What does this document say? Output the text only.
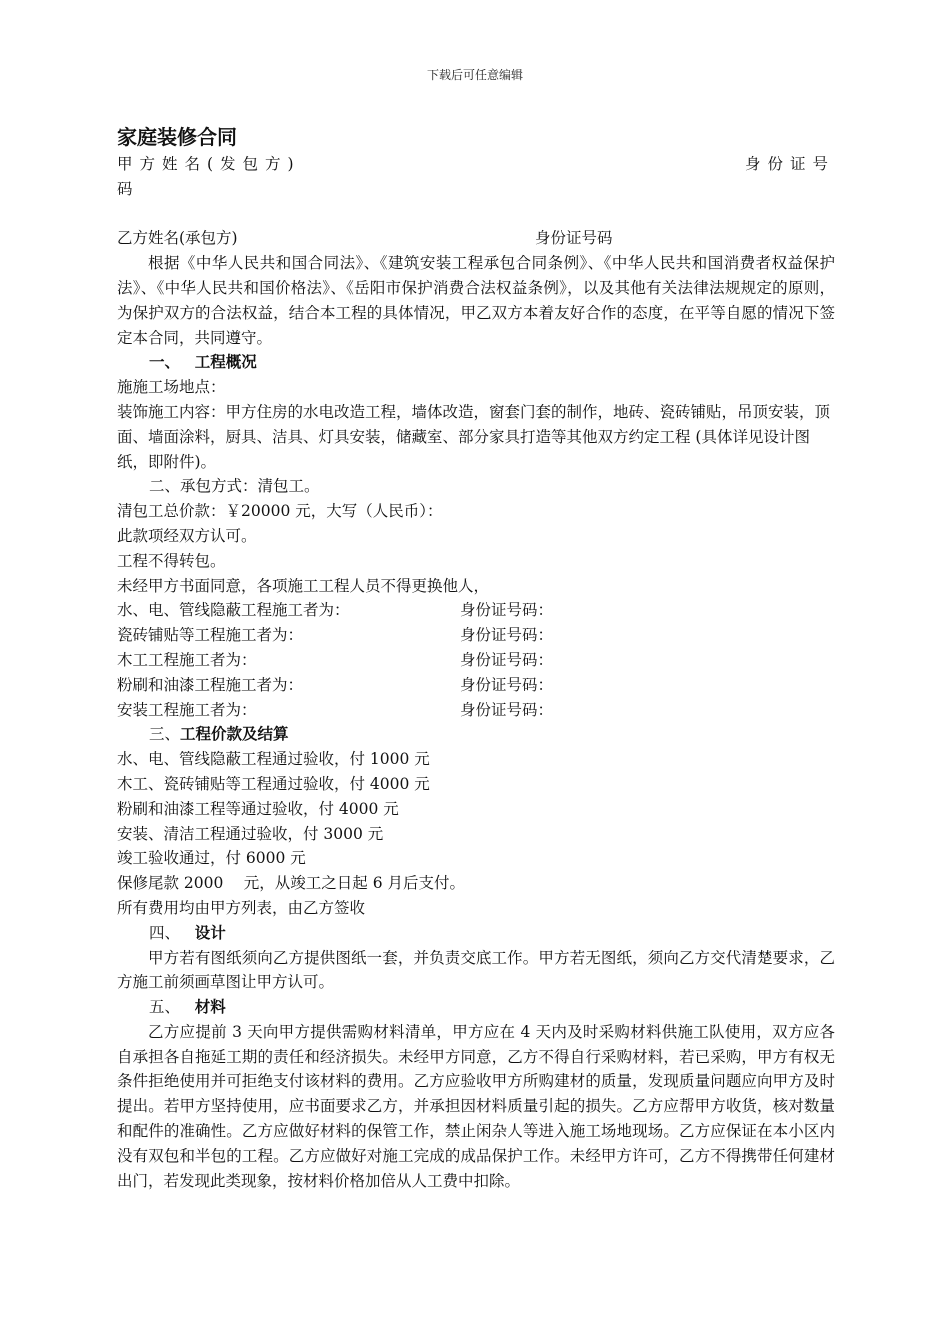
下载后可任意编辑

家庭装修合同

甲方姓名(发包方)	身份证号

码

乙方姓名(承包方)	身份证号码

根据《中华人民共和国合同法》、《建筑安装工程承包合同条例》、《中华人民共和国消费者权益保护法》、《中华人民共和国价格法》、《岳阳市保护消费合法权益条例》，以及其他有关法律法规规定的原则，为保护双方的合法权益，结合本工程的具体情况，甲乙双方本着友好合作的态度，在平等自愿的情况下签定本合同，共同遵守。

一、 工程概况

施施工场地点：

装饰施工内容：甲方住房的水电改造工程，墙体改造，窗套门套的制作，地砖、瓷砖铺贴，吊顶安装，顶面、墙面涂料，厨具、洁具、灯具安装，储藏室、部分家具打造等其他双方约定工程 (具体详见设计图纸，即附件)。

二、承包方式：清包工。

清包工总价款：￥20000 元，大写（人民币）：

此款项经双方认可。

工程不得转包。

未经甲方书面同意，各项施工工程人员不得更换他人，

水、电、管线隐蔽工程施工者为：	身份证号码：
瓷砖铺贴等工程施工者为：	身份证号码：
木工工程施工者为：	身份证号码：
粉刷和油漆工程施工者为：	身份证号码：
安装工程施工者为：	身份证号码：

三、工程价款及结算

水、电、管线隐蔽工程通过验收，付 1000 元

木工、瓷砖铺贴等工程通过验收，付 4000 元

粉刷和油漆工程等通过验收，付 4000 元

安装、清洁工程通过验收，付 3000 元

竣工验收通过，付 6000 元

保修尾款 2000　 元，从竣工之日起 6 月后支付。

所有费用均由甲方列表，由乙方签收

四、 设计

甲方若有图纸须向乙方提供图纸一套，并负责交底工作。甲方若无图纸，须向乙方交代清楚要求，乙方施工前须画草图让甲方认可。

五、 材料

乙方应提前 3 天向甲方提供需购材料清单，甲方应在 4 天内及时采购材料供施工队使用，双方应各自承担各自拖延工期的责任和经济损失。未经甲方同意，乙方不得自行采购材料，若已采购，甲方有权无条件拒绝使用并可拒绝支付该材料的费用。乙方应验收甲方所购建材的质量，发现质量问题应向甲方及时提出。若甲方坚持使用，应书面要求乙方，并承担因材料质量引起的损失。乙方应帮甲方收货，核对数量和配件的准确性。乙方应做好材料的保管工作，禁止闲杂人等进入施工场地现场。乙方应保证在本小区内没有双包和半包的工程。乙方应做好对施工完成的成品保护工作。未经甲方许可，乙方不得携带任何建材出门，若发现此类现象，按材料价格加倍从人工费中扣除。
